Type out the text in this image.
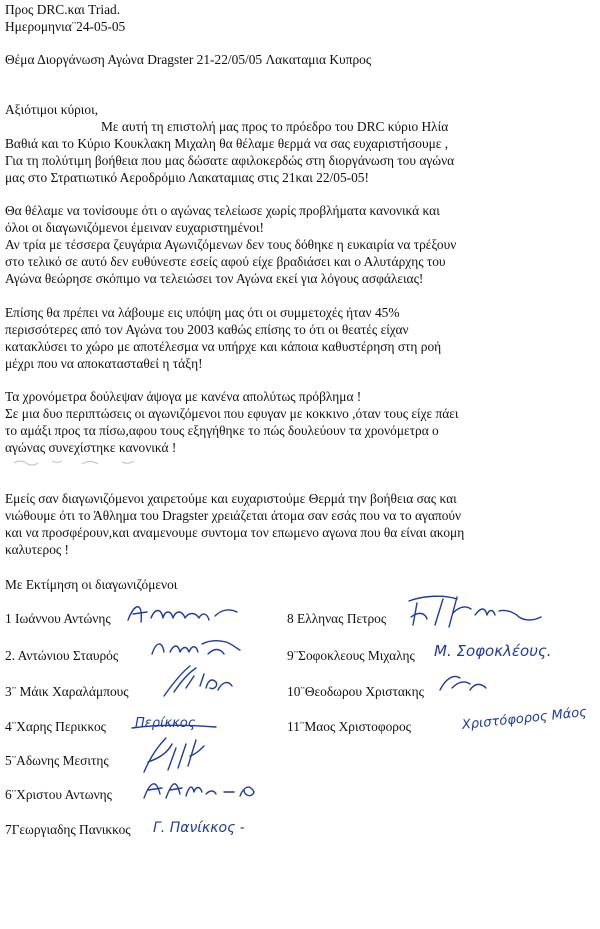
Προς DRC.και Triad.
Ημερομηνια¨24-05-05
Θέμα Διοργάνωση Αγώνα Dragster 21-22/05/05 Λακαταμια Κυπρος
Αξιότιμοι κύριοι,
Με αυτή τη επιστολή μας προς το πρόεδρο του DRC κύριο Ηλία
Βαθιά και το Κύριο Κουκλακη Μιχαλη θα θέλαμε θερμά να σας ευχαριστήσουμε ,
Για τη πολύτιμη βοήθεια που μας δώσατε αφιλοκερδώς στη διοργάνωση του αγώνα
μας στο Στρατιωτικό Αεροδρόμιο Λακαταμιας στις 21και 22/05-05!
Θα θέλαμε να τονίσουμε ότι ο αγώνας τελείωσε χωρίς προβλήματα κανονικά και
όλοι οι διαγωνιζόμενοι έμειναν ευχαριστημένοι!
Αν τρία με τέσσερα ζευγάρια Αγωνιζόμενων δεν τους δόθηκε η ευκαιρία να τρέξουν
στο τελικό σε αυτό δεν ευθύνεστε εσείς αφού είχε βραδιάσει και ο Αλυτάρχης του
Αγώνα θεώρησε σκόπιμο να τελειώσει τον Αγώνα εκεί για λόγους ασφάλειας!
Επίσης θα πρέπει να λάβουμε εις υπόψη μας ότι οι συμμετοχές ήταν 45%
περισσότερες από τον Αγώνα του 2003 καθώς επίσης το ότι οι θεατές είχαν
κατακλύσει το χώρο με αποτέλεσμα να υπήρχε και κάποια καθυστέρηση στη ροή
μέχρι που να αποκατασταθεί η τάξη!
Τα χρονόμετρα δούλεψαν άψογα με κανένα απολύτως πρόβλημα !
Σε μια δυο περιπτώσεις οι αγωνιζόμενοι που εφυγαν με κοκκινο ,όταν τους είχε πάει
το αμάξι προς τα πίσω,αφου τους εξηγήθηκε το πώς δουλεύουν τα χρονόμετρα ο
αγώνας συνεχίστηκε κανονικά !
Εμείς σαν διαγωνιζόμενοι χαιρετούμε και ευχαριστούμε Θερμά την βοήθεια σας και
νιώθουμε ότι το Άθλημα του Dragster χρειάζεται άτομα σαν εσάς που να το αγαπούν
και να προσφέρουν,και αναμενουμε συντομα τον επωμενο αγωνα που θα είναι ακομη
καλυτερος !
Με Εκτίμηση οι διαγωνιζόμενοι
1 Ιωάννου Αντώνης
2. Αντώνιου Σταυρός
3¨ Μάικ Χαραλάμπους
4¨Χαρης Περικκος Περίκκος
5¨Αδωνης Μεσιτης
6¨Χριστου Αντωνης
7Γεωργιαδης Πανικκος Γ. Πανίκκος -
8 Ελληνας Πετρος
9¨Σοφοκλεους Μιχαλης Μ. Σοφοκλέους.
10¨Θεοδωρου Χριστακης
11¨Μαος Χριστοφορος	Χριστόφορος Μάος
